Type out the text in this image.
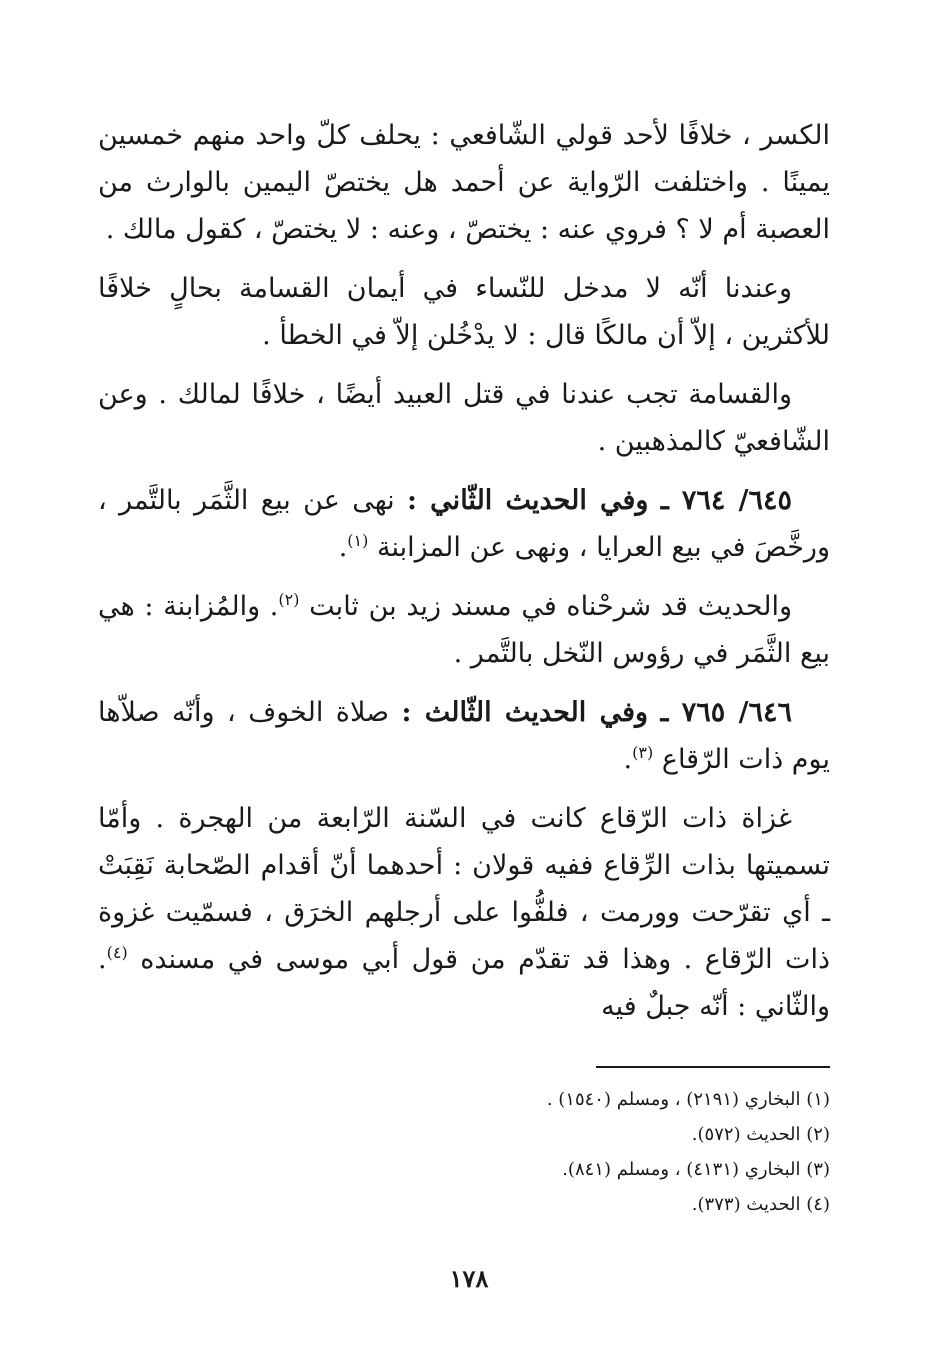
الكسر ، خلافًا لأحد قولي الشّافعي : يحلف كلّ واحد منهم خمسين يمينًا . واختلفت الرّواية عن أحمد هل يختصّ اليمين بالوارث من العصبة أم لا ؟ فروي عنه : يختصّ ، وعنه : لا يختصّ ، كقول مالك .

وعندنا أنّه لا مدخل للنّساء في أيمان القسامة بحالٍ خلافًا للأكثرين ، إلاّ أن مالكًا قال : لا يدْخُلن إلاّ في الخطأ .

والقسامة تجب عندنا في قتل العبيد أيضًا ، خلافًا لمالك . وعن الشّافعيّ كالمذهبين .

٦٤٥/ ٧٦٤ ـ وفي الحديث الثّاني : نهى عن بيع الثَّمَر بالتَّمر ، ورخَّصَ في بيع العرايا ، ونهى عن المزابنة $^{(١)}$.

والحديث قد شرحْناه في مسند زيد بن ثابت $^{(٢)}$. والمُزابنة : هي بيع الثَّمَر في رؤوس النّخل بالتَّمر .

٦٤٦/ ٧٦٥ ـ وفي الحديث الثّالث : صلاة الخوف ، وأنّه صلاّها يوم ذات الرّقاع $^{(٣)}$.

غزاة ذات الرّقاع كانت في السّنة الرّابعة من الهجرة . وأمّا تسميتها بذات الرِّقاع ففيه قولان : أحدهما أنّ أقدام الصّحابة نَقِبَتْ ـ أي تقرّحت وورمت ، فلفُّوا على أرجلهم الخرَق ، فسمّيت غزوة ذات الرّقاع . وهذا قد تقدّم من قول أبي موسى في مسنده $^{(٤)}$. والثّاني : أنّه جبلٌ فيه

(١) البخاري (٢١٩١) ، ومسلم (١٥٤٠) .

(٢) الحديث (٥٧٢).

(٣) البخاري (٤١٣١) ، ومسلم (٨٤١).

(٤) الحديث (٣٧٣).

١٧٨
